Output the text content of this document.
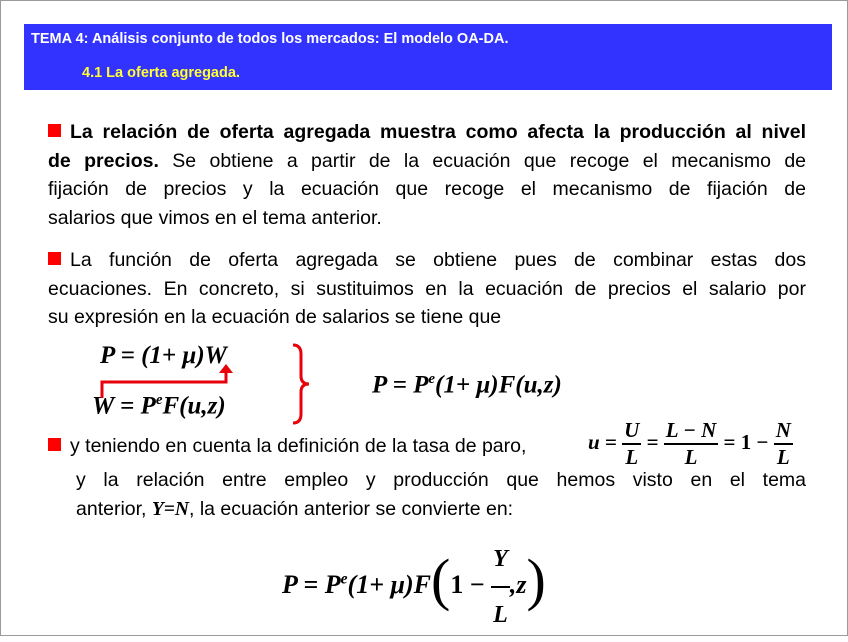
TEMA 4: Análisis conjunto de todos los mercados: El modelo OA-DA.
4.1 La oferta agregada.
La relación de oferta agregada muestra como afecta la producción al nivel
de precios. Se obtiene a partir de la ecuación que recoge el mecanismo de
fijación de precios y la ecuación que recoge el mecanismo de fijación de
salarios que vimos en el tema anterior.
La función de oferta agregada se obtiene pues de combinar estas dos
ecuaciones. En concreto, si sustituimos en la ecuación de precios el salario por
su expresión en la ecuación de salarios se tiene que
P = (1+ μ)W
$W = P^eF(u,z)$
$P = P^e(1+ \mu)F(u,z)$
y teniendo en cuenta la definición de la tasa de paro,	$u = \frac{U}{L} = \frac{L - N}{L} = 1 - \frac{N}{L}$
y la relación entre empleo y producción que hemos visto en el tema
anterior, Y=N, la ecuación anterior se convierte en:
$P = P^e(1+ \mu)F(1 - \frac{Y}{L} ,z)$
